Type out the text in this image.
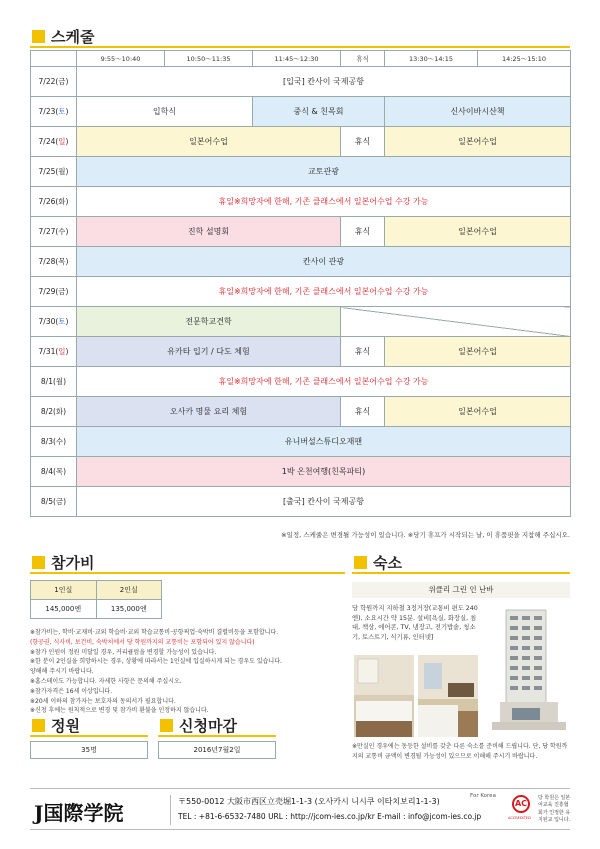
스케줄
	9:55～10:40	10:50～11:35	11:45～12:30	휴식	13:30～14:15	14:25～15:10
7/22(금)	[입국] 칸사이 국제공항					
7/23(토)	입학식		중식 & 친목회		신사이바시산책	
7/24(일)	일본어수업			휴식	일본어수업	
7/25(월)	교토관광					
7/26(화)	휴일※희망자에 한해, 기존 클래스에서 일본어수업 수강 가능					
7/27(수)	진학 설명회			휴식	일본어수업	
7/28(목)	칸사이 관광					
7/29(금)	휴일※희망자에 한해, 기존 클래스에서 일본어수업 수강 가능					
7/30(토)	전문학교견학					
7/31(일)	유카타 입기 / 다도 체험			휴식	일본어수업	
8/1(월)	휴일※희망자에 한해, 기존 클래스에서 일본어수업 수강 가능					
8/2(화)	오사카 명물 요리 체험			휴식	일본어수업	
8/3(수)	유니버설스튜디오재팬					
8/4(목)	1박 온천여행(친목파티)					
8/5(금)	[출국] 칸사이 국제공항					
※일정, 스케쥴은 변경될 가능성이 있습니다. ※당기 휴프가 시작되는 날, 이 휴품핏을 지참해 주십시오.
참가비
1인실	2인실
145,000엔	135,000엔
※참가비는, 학비·교재비·교외 학습비·교외 학습교통비·공항픽업·숙박비 결렬비등을 포함합니다.
(항공권, 식사비, 보건비, 숙박처에서 당 학원까지의 교통비는 포함되어 있지 않습니다)
※참가 인원이 정원 미달일 경우, 커리큘럼을 변경할 가능성이 있습니다.
※한 분이 2인실을 희망하시는 경우, 상황에 따라서는 1인실에 입실하시게 되는 경우도 있습니다.
양해해 주시기 바랍니다.
※홈스테이도 가능합니다. 자세한 사항은 문의해 주십시오.
※참가자격은 16세 이상입니다.
※20세 이하의 참가자는 보호자의 동의서가 필요합니다.
※신청 후에는 원칙적으로 변경 및 참가비 환불을 인정하지 않습니다.
정원
35명
신청마감
2016년7월2일
숙소
위클리 그린 인 난바
당 학원까지 지하철 3정거장(교통비 편도 240엔), 소요시간 약 15분. 설비[욕실, 화장실, 침대, 책상, 에어콘, TV, 냉장고, 전기밥솥, 청소기, 토스트기, 식기류, 인터넷]
※만실인 경우에는 동등한 설비를 갖춘 다른 숙소를 준비해 드립니다. 단, 당 학원까지의 교통비 금액이 변경될 가능성이 있으므로 이해해 주시기 바랍니다.
J国際学院	〒550-0012 大阪市西区立売堀1-1-3 (오사카시 니시쿠 이타치보리1-1-3)
TEL : +81-6-6532-7480 URL : http://jcom-ies.co.jp/kr E-mail : info@jcom-ies.co.jp
For Korea
AC
ACCREDITED
당 학원은 일본어교육 진흥협회가 인정한 유지된교 입니다.
